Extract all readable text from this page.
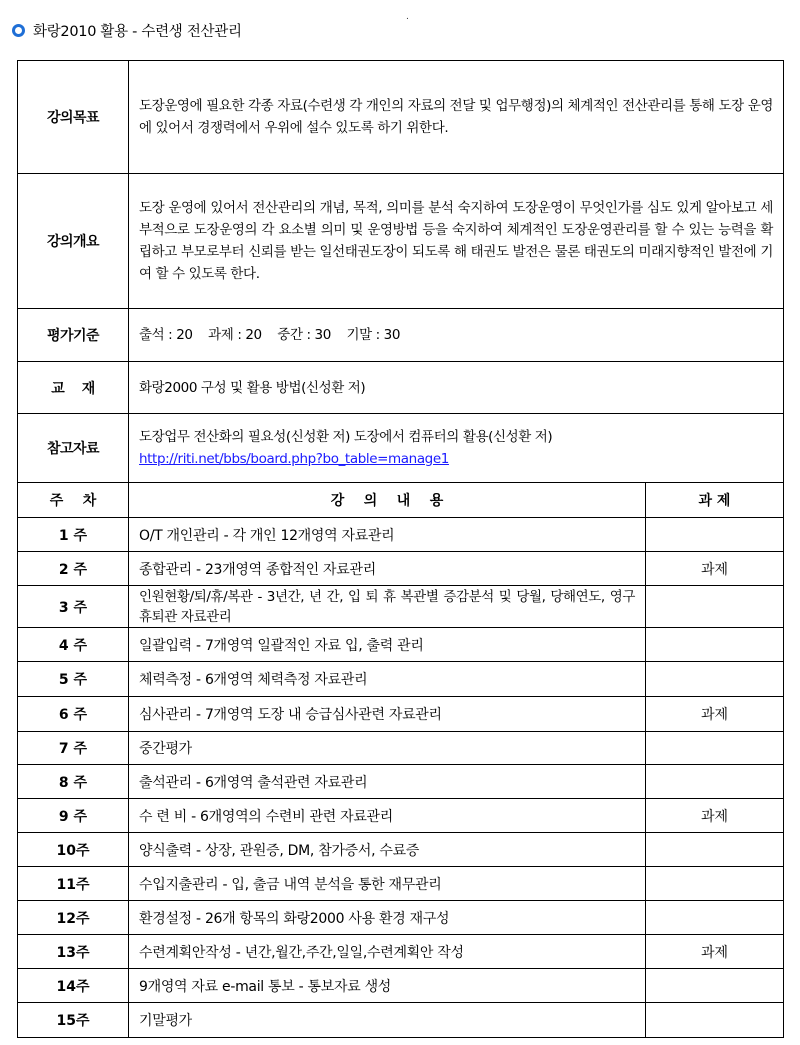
화랑2010 활용 - 수련생 전산관리
.
강의목표	도장운영에 필요한 각종 자료(수련생 각 개인의 자료의 전달 및 업무행정)의 체계적인 전산관리를 통해 도장 운영에 있어서 경쟁력에서 우위에 설수 있도록 하기 위한다.	
강의개요	도장 운영에 있어서 전산관리의 개념, 목적, 의미를 분석 숙지하여 도장운영이 무엇인가를 심도 있게 알아보고 세부적으로 도장운영의 각 요소별 의미 및 운영방법 등을 숙지하여 체계적인 도장운영관리를 할 수 있는 능력을 확립하고 부모로부터 신뢰를 받는 일선태권도장이 되도록 해 태권도 발전은 물론 태권도의 미래지향적인 발전에 기여 할 수 있도록 한다.	
평가기준	출석 : 20    과제 : 20    중간 : 30    기말 : 30	
교    재	화랑2000 구성 및 활용 방법(신성환 저)	
참고자료	도장업무 전산화의 필요성(신성환 저) 도장에서 컴퓨터의 활용(신성환 저)
http://riti.net/bbs/board.php?bo_table=manage1	

주    차	강    의    내    용	과 제
1 주	O/T 개인관리 - 각 개인 12개영역 자료관리	
2 주	종합관리 - 23개영역 종합적인 자료관리	과제
3 주	인원현황/퇴/휴/복관 - 3년간, 년 간, 입 퇴 휴 복관별 증감분석 및 당월, 당해연도, 영구 휴퇴관 자료관리	
4 주	일괄입력 - 7개영역 일괄적인 자료 입, 출력 관리	
5 주	체력측정 - 6개영역 체력측정 자료관리	
6 주	심사관리 - 7개영역 도장 내 승급심사관련 자료관리	과제
7 주	중간평가	
8 주	출석관리 - 6개영역 출석관련 자료관리	
9 주	수 련 비 - 6개영역의 수련비 관련 자료관리	과제
10주	양식출력 - 상장, 관원증, DM, 참가증서, 수료증	
11주	수입지출관리 - 입, 출금 내역 분석을 통한 재무관리	
12주	환경설정 - 26개 항목의 화랑2000 사용 환경 재구성	
13주	수련계획안작성 - 년간,월간,주간,일일,수련계획안 작성	과제
14주	9개영역 자료 e-mail 통보 - 통보자료 생성	
15주	기말평가	
